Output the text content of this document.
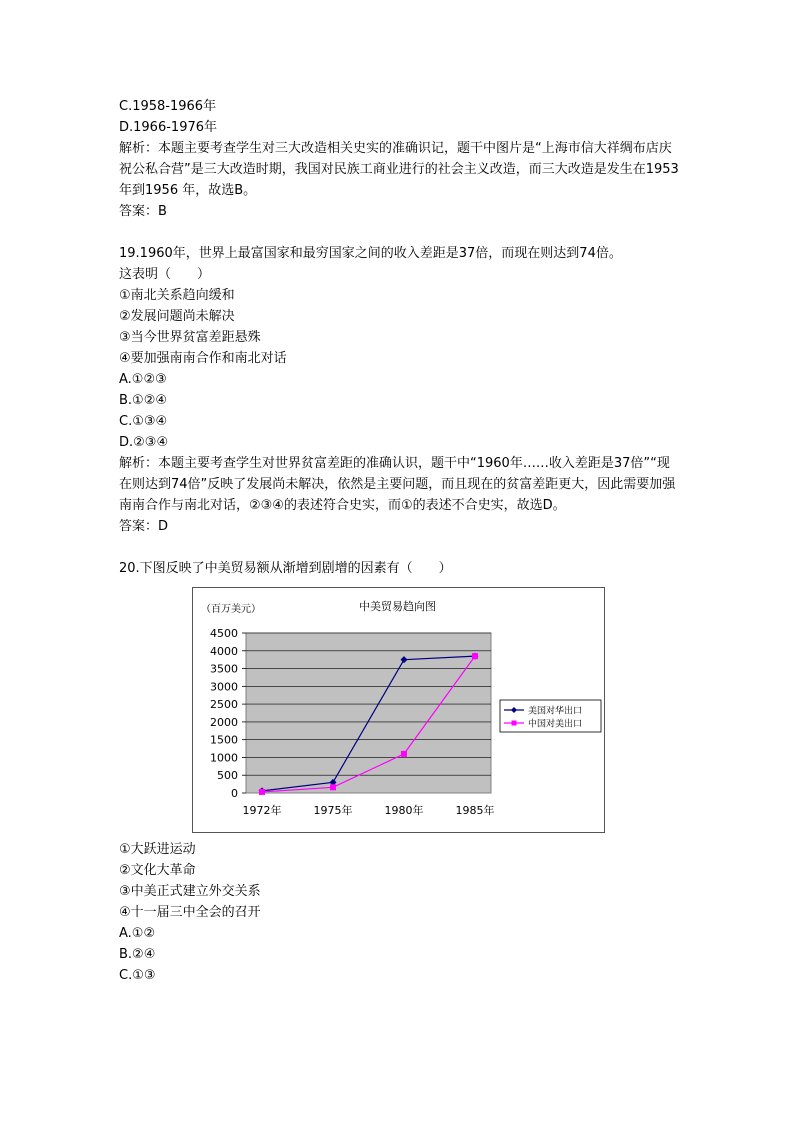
C.1958-1966年
D.1966-1976年
解析：本题主要考查学生对三大改造相关史实的准确识记，题干中图片是“上海市信大祥绸布店庆祝公私合营”是三大改造时期，我国对民族工商业进行的社会主义改造，而三大改造是发生在1953年到1956 年，故选B。
答案：B
19.1960年，世界上最富国家和最穷国家之间的收入差距是37倍，而现在则达到74倍。
这表明（　　）
①南北关系趋向缓和
②发展问题尚未解决
③当今世界贫富差距悬殊
④要加强南南合作和南北对话
A.①②③
B.①②④
C.①③④
D.②③④
解析：本题主要考查学生对世界贫富差距的准确认识，题干中“1960年……收入差距是37倍”“现在则达到74倍”反映了发展尚未解决，依然是主要问题，而且现在的贫富差距更大，因此需要加强南南合作与南北对话，②③④的表述符合史实，而①的表述不合史实，故选D。
答案：D
20.下图反映了中美贸易额从渐增到剧增的因素有（　　）
0
500
1000
1500
2000
2500
3000
3500
4000
4500
1972年	1975年	1980年	1985年
美国对华出口
中国对美出口
（百万美元）	中美贸易趋向图
①大跃进运动
②文化大革命
③中美正式建立外交关系
④十一届三中全会的召开
A.①②
B.②④
C.①③
